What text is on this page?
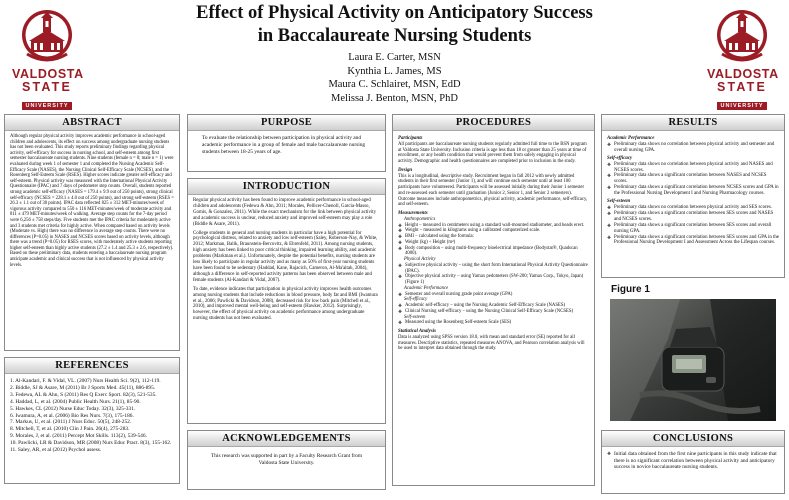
VALDOSTA
STATE
UNIVERSITY
Effect of Physical Activity on Anticipatory Success
in Baccalaureate Nursing Students
Laura E. Carter, MSN
Kynthia L. James, MS
Maura C. Schlairet, MSN, EdD
Melissa J. Benton, MSN, PhD
VALDOSTA
STATE
UNIVERSITY
ABSTRACT
Although regular physical activity improves academic performance in school-aged children and adolescents, its effect on success among undergraduate nursing students has not been evaluated. This study reports preliminary findings regarding physical activity, self-efficacy for success in nursing school, and self-esteem among first semester baccalaureate nursing students. Nine students (female n = 8; male n = 1) were evaluated during week 1 of semester 1 and completed the Nursing Academic Self-Efficacy Scale (NASES), the Nursing Clinical Self-Efficacy Scale (NCSES), and the Rosenberg Self-Esteem Scale (RSES). Higher scores indicate greater self-efficacy and self-esteem. Physical activity was measured with the International Physical Activity Questionnaire (IPAC) and 7 days of pedometer step counts. Overall, students reported strong academic self-efficacy (NASES = 179.4 ± 9.9 out of 250 points), strong clinical self-efficacy (NCSES = 228.1 ± 4.0 out of 250 points), and strong self-esteem (RSES = 26.3 ± 1.1 out of 30 points). IPAC data reflected 825 ± 312 MET-minutes/week of vigorous activity compared to 550 ± 116 MET-minutes/week of moderate activity and 811 ± 479 MET-minutes/week of walking. Average step counts for the 7-day period were 6,256 ± 758 steps/day. Five students met the IPAC criteria for moderately active and 3 students met criteria for highly active. When compared based on activity levels (Moderate vs. High) there was no difference in average step counts. There were no differences (P=0.05) in NASES and NCSES scores based on activity levels, although there was a trend (P=0.05) for RSES scores, with moderately active students reporting higher self-esteem than highly active students (27.2 ± 1.4 and 25.3 ± 2.6, respectively). Based on these preliminary data, students entering a baccalaureate nursing program anticipate academic and clinical success that is not influenced by physical activity levels.
REFERENCES
1. Al-Kandari, F. & Vidal, VL. (2007) Nurs Health Sci. 9(2), 112-119.
2. Biddle, SJ & Asare, M (2011) Br J Sports Med. 45(11), 886-895.
3. Fedewa, AL & Ahn, S (2011) Res Q Exerc Sport. 82(3), 521-535.
4. Haddad, L, et al. (2004) Public Health Nurs. 21(1), 85-90.
5. Hawkes, CL (2012) Nurse Educ Today. 32(3), 325-331.
6. Iwamura, A, et al. (2006) Bio Res Nurs. 7(3), 175-186.
7. Markus, U, et al. (2011) J Nurs Educ. 50(5), 248-252.
8. Mitchell, T, et al. (2010) Clin J Pain. 26(4), 275-283.
9. Morales, J, et al. (2011) Percept Mot Skills. 113(2), 539-546.
10. Pawlicki, LR & Davidson, MR (2008) Nurs Educ Pract. 8(3), 155-162.
11. Saley, AR, et al (2012) Psychol assess.
PURPOSE
To evaluate the relationship between participation in physical activity and academic performance in a group of female and male baccalaureate nursing students between 18-25 years of age.
INTRODUCTION

Regular physical activity has been found to improve academic performance in school-aged children and adolescents (Fedewa & Ahn, 2011; Morales, Pellicer-Chenoll, Garcia-Masso, Gomis, & Gonzalez, 2011). While the exact mechanism for the link between physical activity and academic success is unclear, reduced anxiety and improved self-esteem may play a role (Biddle & Asare, 2011).

College students in general and nursing students in particular have a high potential for psychological distress, related to anxiety and low self-esteem (Saley, Roberson-Nay, & White, 2012; Markman, Balik, Braunstein-Bercovitz, & Ehrenfeld, 2011). Among nursing students, high anxiety has been linked to poor critical thinking, impaired learning ability, and academic problems (Markman et al.). Unfortunately, despite the potential benefits, nursing students are less likely to participate in regular activity and as many as 50% of first-year nursing students have been found to be sedentary (Haddad, Kane, Rajacich, Cameron, Al-Ma'aitah, 2004), although a difference in self-reported activity patterns has been observed between male and female students (Al-Kandari & Vidal, 2007).

To date, evidence indicates that participation in physical activity improves health outcomes among nursing students that include reductions in blood pressure, body fat and BMI (Iwamura et al., 2006; Pawlicki & Davidson, 2008), decreased risk for low back pain (Mitchell et al., 2010), and improved mental well-being and self-esteem (Hawker, 2012). Surprisingly, however, the effect of physical activity on academic performance among undergraduate nursing students has not been evaluated.

ACKNOWLEDGEMENTS
This research was supported in part by a Faculty Research Grant from Valdosta State University.
PROCEDURES
Participants

All participants are baccalaureate nursing students regularly admitted full time to the BSN program at Valdosta State University. Inclusion criteria is age less than 18 or greater than 25 years at time of enrollment, or any health condition that would prevent them from safely engaging in physical activity. Demographic and health questionnaires are completed prior to inclusion in the study.

Design

This is a longitudinal, descriptive study. Recruitment began in fall 2012 with newly admitted students in their first semester (Junior 1), and will continue each semester until at least 100 participants have volunteered. Participants will be assessed initially during their Junior 1 semester and re-assessed each semester until graduation (Junior 2, Senior 1, and Senior 2 semesters). Outcome measures include anthropometrics, physical activity, academic performance, self-efficacy, and self-esteem.

Measurements
Anthropometrics
❖ Height – measured in centimeters using a standard wall-mounted stadiometer, and heads erect.
❖ Weight – measured in kilograms using a calibrated computerized scale.
❖ BMI – calculated using the formula:
❖ Weight (kg) ÷ Height (m²)
❖ Body composition – using multi-frequency bioelectrical impedance (Bodystat®, Quadscan 4000).
Physical Activity
❖ Subjective physical activity – using the short form International Physical Activity Questionnaire (IPAC).
❖ Objective physical activity – using Yamax pedometers (SW-200; Yamax Corp., Tokyo, Japan) (Figure 1)
Academic Performance
❖ Semester and overall nursing grade point average (GPA)
Self-efficacy
❖ Academic self-efficacy – using the Nursing Academic Self-Efficacy Scale (NASES)
❖ Clinical Nursing self-efficacy – using the Nursing Clinical Self-Efficacy Scale (NCSES)
Self-esteem
❖ Measured using the Rosenberg Self-esteem Scale (SES)
Statistical Analysis

Data is analyzed using SPSS version 18.0, with mean and standard error (SE) reported for all measures. Descriptive statistics, repeated measures ANOVA, and Pearson correlation analysis will be used to interpret data obtained through the study.

RESULTS
Academic Performance
❖ Preliminary data shows no correlation between physical activity and semester and overall nursing GPA.
Self-efficacy
❖ Preliminary data shows no correlation between physical activity and NASES and NCSES scores.
❖ Preliminary data shows a significant correlation between NASES and NCSES scores.
❖ Preliminary data shows a significant correlation between NCSES scores and GPA in the Professional Nursing Development I and Nursing Pharmacology courses.
Self-esteem
❖ Preliminary data shows no correlation between physical activity and SES scores.
❖ Preliminary data shows a significant correlation between SES scores and NASES and NCSES scores.
❖ Preliminary data shows a significant correlation between SES scores and overall nursing GPA.
❖ Preliminary data shows a significant correlation between SES scores and GPA in the Professional Nursing Development I and Assessment Across the Lifespan courses.
Figure 1
CONCLUSIONS
❖ Initial data obtained from the first nine participants in this study indicate that there is no significant correlation between physical activity and anticipatory success in novice baccalaureate nursing students.
